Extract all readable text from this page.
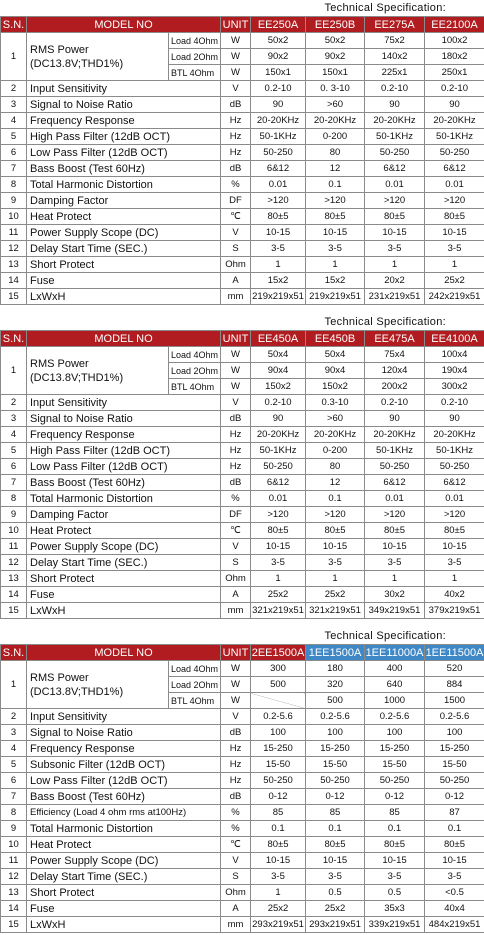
Technical Specification:
S.N.	MODEL NO		UNIT	EE250A	EE250B	EE275A	EE2100A
1	RMS Power
(DC13.8V;THD1%)	Load 4Ohm	W	50x2	50x2	75x2	100x2
		Load 2Ohm	W	90x2	90x2	140x2	180x2
		BTL 4Ohm	W	150x1	150x1	225x1	250x1
2	Input Sensitivity		V	0.2-10	0. 3-10	0.2-10	0.2-10
3	Signal to Noise Ratio		dB	90	>60	90	90
4	Frequency Response		Hz	20-20KHz	20-20KHz	20-20KHz	20-20KHz
5	High Pass Filter (12dB OCT)		Hz	50-1KHz	0-200	50-1KHz	50-1KHz
6	Low Pass Filter (12dB OCT)		Hz	50-250	80	50-250	50-250
7	Bass Boost (Test 60Hz)		dB	6&12	12	6&12	6&12
8	Total Harmonic Distortion		%	0.01	0.1	0.01	0.01
9	Damping Factor		DF	>120	>120	>120	>120
10	Heat Protect		℃	80±5	80±5	80±5	80±5
11	Power Supply Scope (DC)		V	10-15	10-15	10-15	10-15
12	Delay Start Time (SEC.)		S	3-5	3-5	3-5	3-5
13	Short Protect		Ohm	1	1	1	1
14	Fuse		A	15x2	15x2	20x2	25x2
15	LxWxH		mm	219x219x51	219x219x51	231x219x51	242x219x51
Technical Specification:
S.N.	MODEL NO		UNIT	EE450A	EE450B	EE475A	EE4100A
1	RMS Power
(DC13.8V;THD1%)	Load 4Ohm	W	50x4	50x4	75x4	100x4
		Load 2Ohm	W	90x4	90x4	120x4	190x4
		BTL 4Ohm	W	150x2	150x2	200x2	300x2
2	Input Sensitivity		V	0.2-10	0.3-10	0.2-10	0.2-10
3	Signal to Noise Ratio		dB	90	>60	90	90
4	Frequency Response		Hz	20-20KHz	20-20KHz	20-20KHz	20-20KHz
5	High Pass Filter (12dB OCT)		Hz	50-1KHz	0-200	50-1KHz	50-1KHz
6	Low Pass Filter (12dB OCT)		Hz	50-250	80	50-250	50-250
7	Bass Boost (Test 60Hz)		dB	6&12	12	6&12	6&12
8	Total Harmonic Distortion		%	0.01	0.1	0.01	0.01
9	Damping Factor		DF	>120	>120	>120	>120
10	Heat Protect		℃	80±5	80±5	80±5	80±5
11	Power Supply Scope (DC)		V	10-15	10-15	10-15	10-15
12	Delay Start Time (SEC.)		S	3-5	3-5	3-5	3-5
13	Short Protect		Ohm	1	1	1	1
14	Fuse		A	25x2	25x2	30x2	40x2
15	LxWxH		mm	321x219x51	321x219x51	349x219x51	379x219x51
Technical Specification:
S.N.	MODEL NO		UNIT	2EE1500A	1EE1500A	1EE11000A	1EE11500A
1	RMS Power
(DC13.8V;THD1%)	Load 4Ohm	W	300	180	400	520
		Load 2Ohm	W	500	320	640	884
		BTL 4Ohm	W		500	1000	1500
2	Input Sensitivity		V	0.2-5.6	0.2-5.6	0.2-5.6	0.2-5.6
3	Signal to Noise Ratio		dB	100	100	100	100
4	Frequency Response		Hz	15-250	15-250	15-250	15-250
5	Subsonic Filter (12dB OCT)		Hz	15-50	15-50	15-50	15-50
6	Low Pass Filter (12dB OCT)		Hz	50-250	50-250	50-250	50-250
7	Bass Boost (Test 60Hz)		dB	0-12	0-12	0-12	0-12
8	Efficiency (Load 4 ohm rms at100Hz)		%	85	85	85	87
9	Total Harmonic Distortion		%	0.1	0.1	0.1	0.1
10	Heat Protect		℃	80±5	80±5	80±5	80±5
11	Power Supply Scope (DC)		V	10-15	10-15	10-15	10-15
12	Delay Start Time (SEC.)		S	3-5	3-5	3-5	3-5
13	Short Protect		Ohm	1	0.5	0.5	<0.5
14	Fuse		A	25x2	25x2	35x3	40x4
15	LxWxH		mm	293x219x51	293x219x51	339x219x51	484x219x51
